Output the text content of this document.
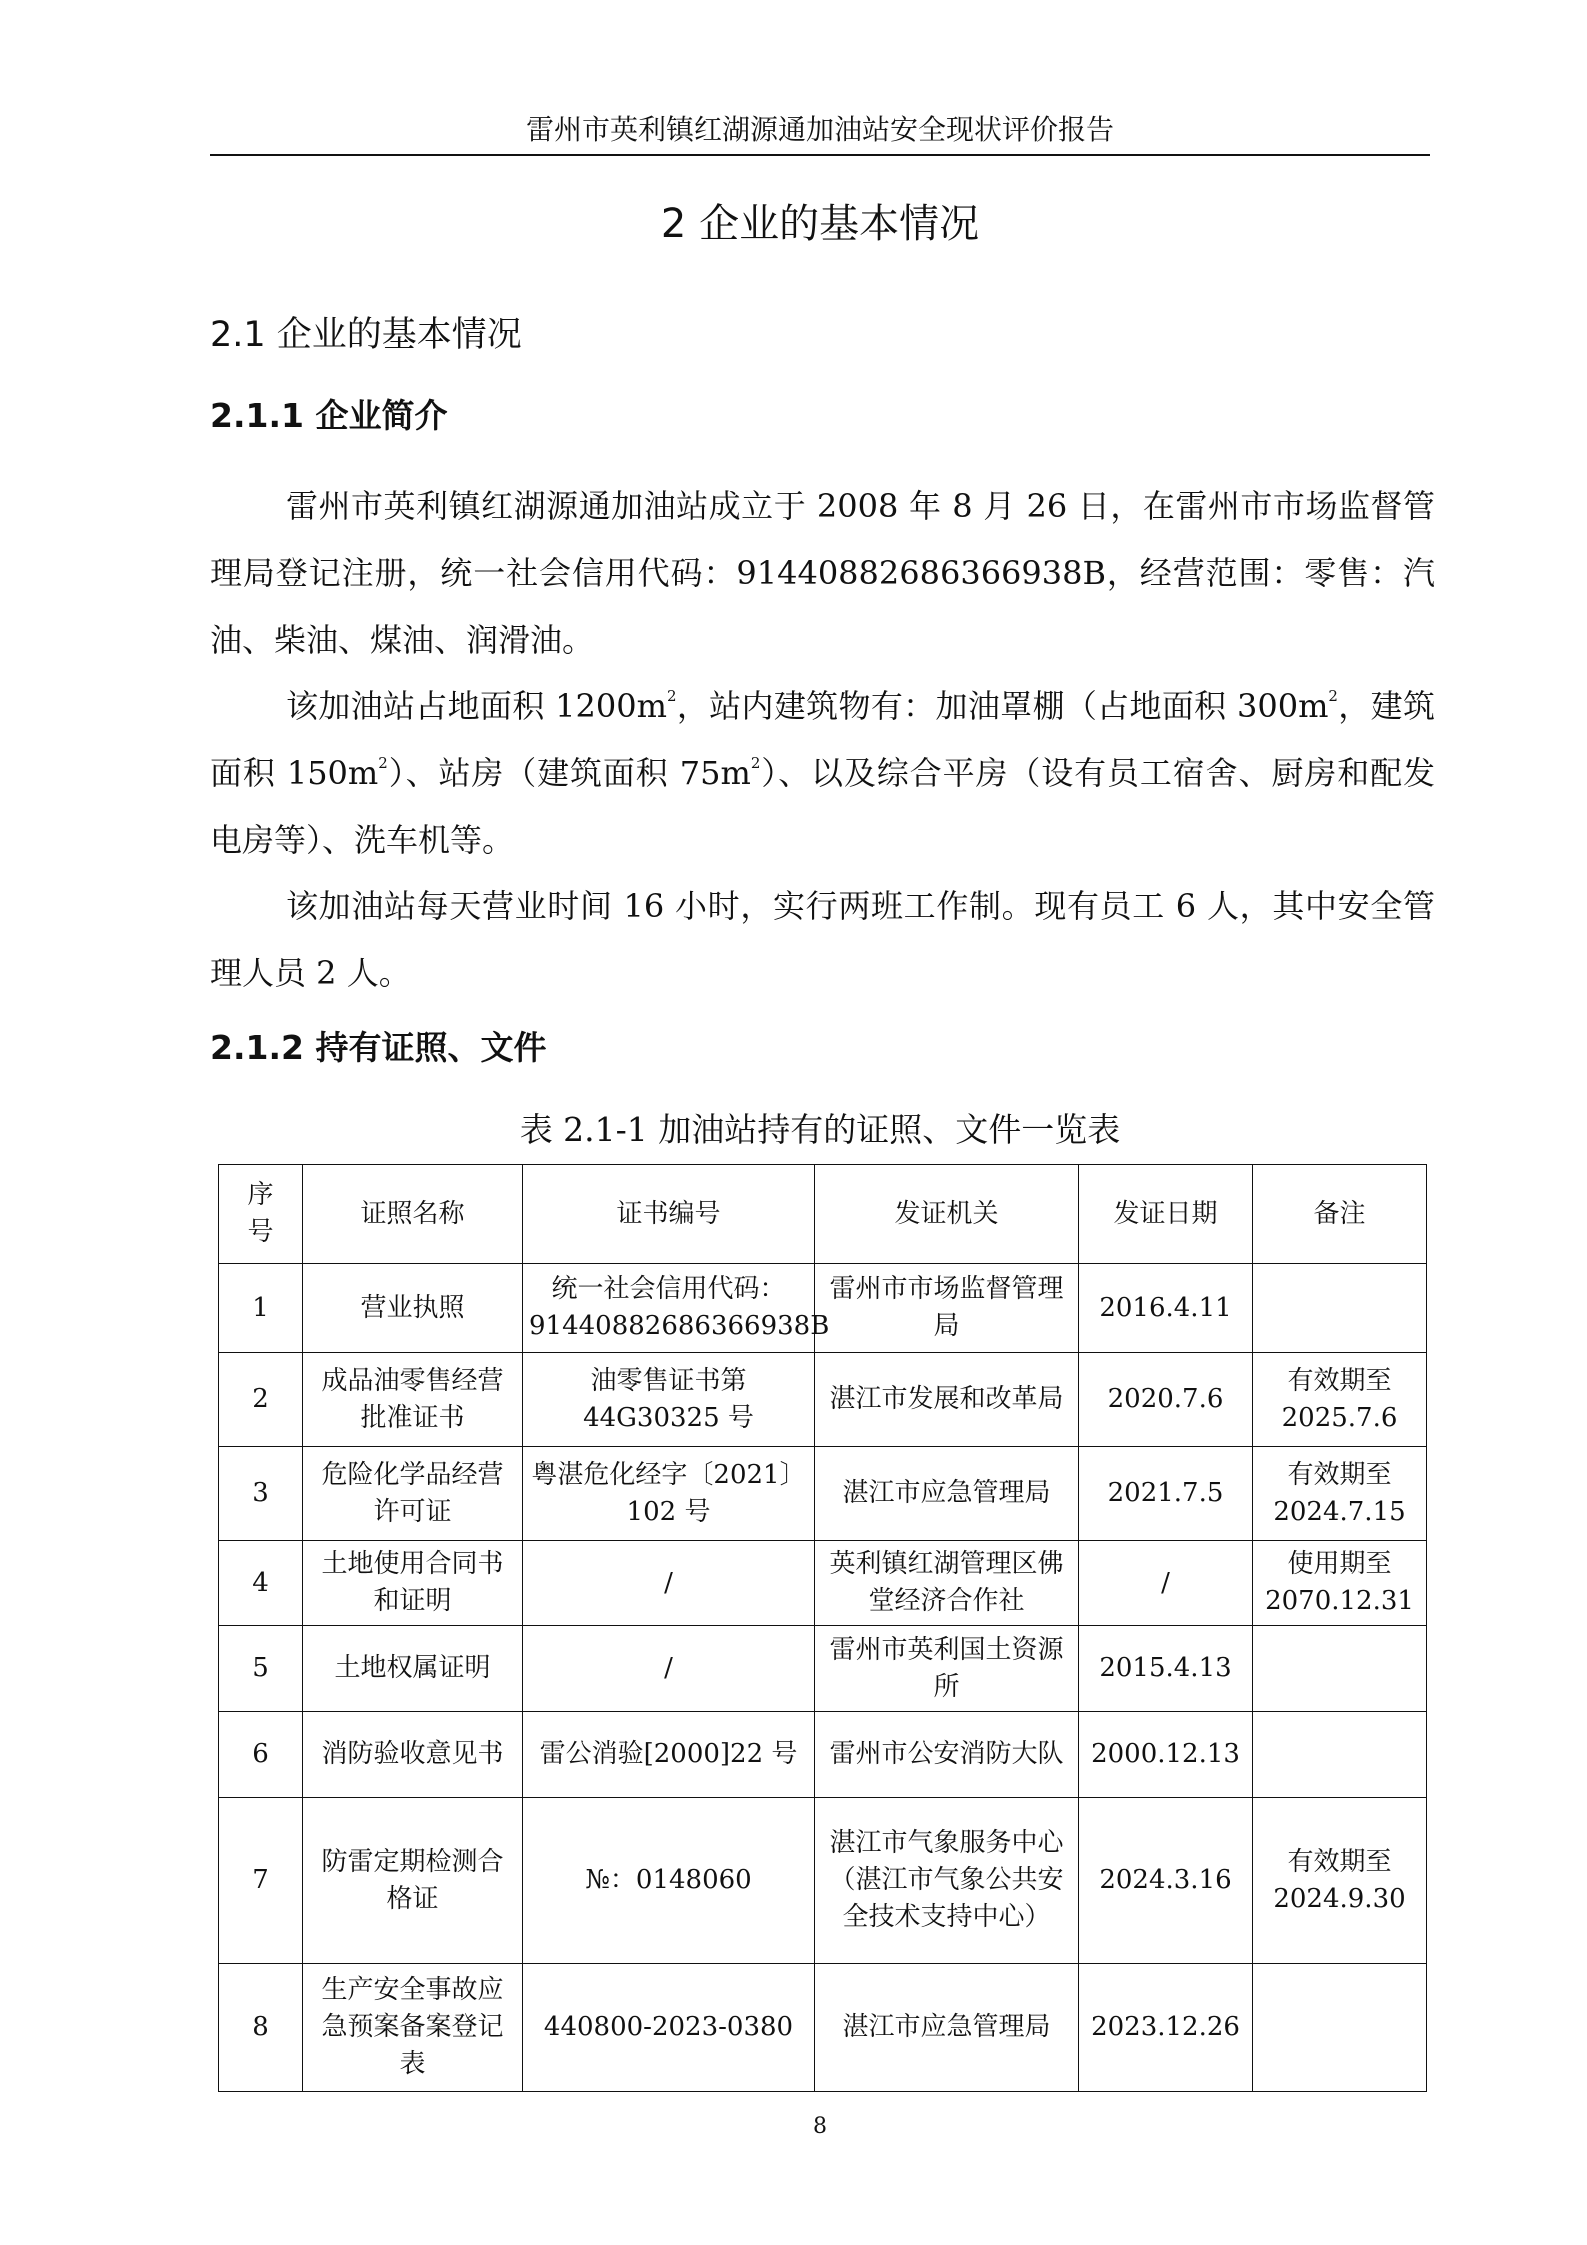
雷州市英利镇红湖源通加油站安全现状评价报告
2 企业的基本情况
2.1 企业的基本情况
2.1.1 企业简介
雷州市英利镇红湖源通加油站成立于 2008 年 8 月 26 日，在雷州市市场监督管理局登记注册，统一社会信用代码：91440882686366938B，经营范围：零售：汽油、柴油、煤油、润滑油。
该加油站占地面积 $1200m^2$，站内建筑物有：加油罩棚（占地面积 $300m^2$，建筑面积 $150m^2$）、站房（建筑面积 $75m^2$）、以及综合平房（设有员工宿舍、厨房和配发电房等）、洗车机等。
该加油站每天营业时间 16 小时，实行两班工作制。现有员工 6 人，其中安全管理人员 2 人。
2.1.2 持有证照、文件
表 2.1-1 加油站持有的证照、文件一览表
序号	证照名称	证书编号	发证机关	发证日期	备注
1	营业执照	统一社会信用代码：91440882686366938B	雷州市市场监督管理局	2016.4.11	
2	成品油零售经营批准证书	油零售证书第44G30325 号	湛江市发展和改革局	2020.7.6	有效期至2025.7.6
3	危险化学品经营许可证	粤湛危化经字〔2021〕102 号	湛江市应急管理局	2021.7.5	有效期至2024.7.15
4	土地使用合同书和证明	/	英利镇红湖管理区佛堂经济合作社	/	使用期至2070.12.31
5	土地权属证明	/	雷州市英利国土资源所	2015.4.13	
6	消防验收意见书	雷公消验[2000]22 号	雷州市公安消防大队	2000.12.13	
7	防雷定期检测合格证	№：0148060	湛江市气象服务中心（湛江市气象公共安全技术支持中心）	2024.3.16	有效期至2024.9.30
8	生产安全事故应急预案备案登记表	440800-2023-0380	湛江市应急管理局	2023.12.26	
8
